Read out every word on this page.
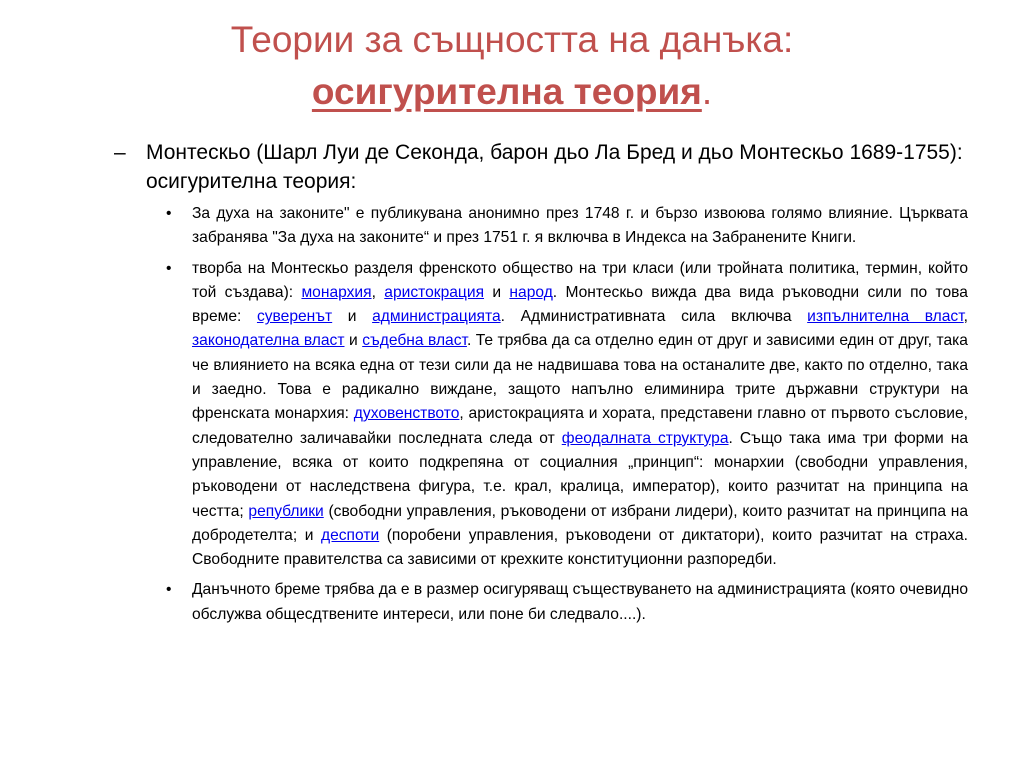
Теории за същността на данъка:
осигурителна теория.
– Монтескьо (Шарл Луи де Секонда, барон дьо Ла Бред и дьо Монтескьо 1689-1755): осигурителна теория:
• За духа на законите" е публикувана анонимно през 1748 г. и бързо извоюва голямо влияние. Църквата забранява "За духа на законите“ и през 1751 г. я включва в Индекса на Забранените Книги.
• творба на Монтескьо разделя френското общество на три класи (или тройната политика, термин, който той създава): монархия, аристокрация и народ. Монтескьо вижда два вида ръководни сили по това време: суверенът и администрацията. Административната сила включва изпълнителна власт, законодателна власт и съдебна власт. Те трябва да са отделно един от друг и зависими един от друг, така че влиянието на всяка една от тези сили да не надвишава това на останалите две, както по отделно, така и заедно. Това е радикално виждане, защото напълно елиминира трите държавни структури на френската монархия: духовенството, аристокрацията и хората, представени главно от първото съсловие, следователно заличавайки последната следа от феодалната структура. Също така има три форми на управление, всяка от които подкрепяна от социалния „принцип“: монархии (свободни управления, ръководени от наследствена фигура, т.е. крал, кралица, император), които разчитат на принципа на честта; републики (свободни управления, ръководени от избрани лидери), които разчитат на принципа на добродетелта; и деспоти (поробени управления, ръководени от диктатори), които разчитат на страха. Свободните правителства са зависими от крехките конституционни разпоредби.
• Данъчното бреме трябва да е в размер осигуряващ съществуването на администрацията (която очевидно обслужва общесдтвените интереси, или поне би следвало....).
